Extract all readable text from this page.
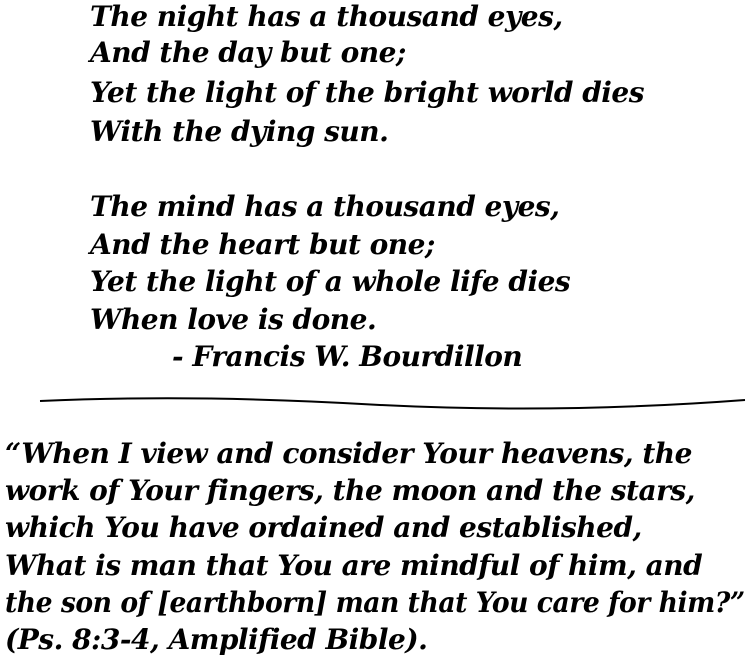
The night has a thousand eyes,
And the day but one;
Yet the light of the bright world dies
With the dying sun.
The mind has a thousand eyes,
And the heart but one;
Yet the light of a whole life dies
When love is done.
- Francis W. Bourdillon
“When I view and consider Your heavens, the
work of Your fingers, the moon and the stars,
which You have ordained and established,
What is man that You are mindful of him, and
the son of [earthborn] man that You care for him?”
(Ps. 8:3-4, Amplified Bible).
